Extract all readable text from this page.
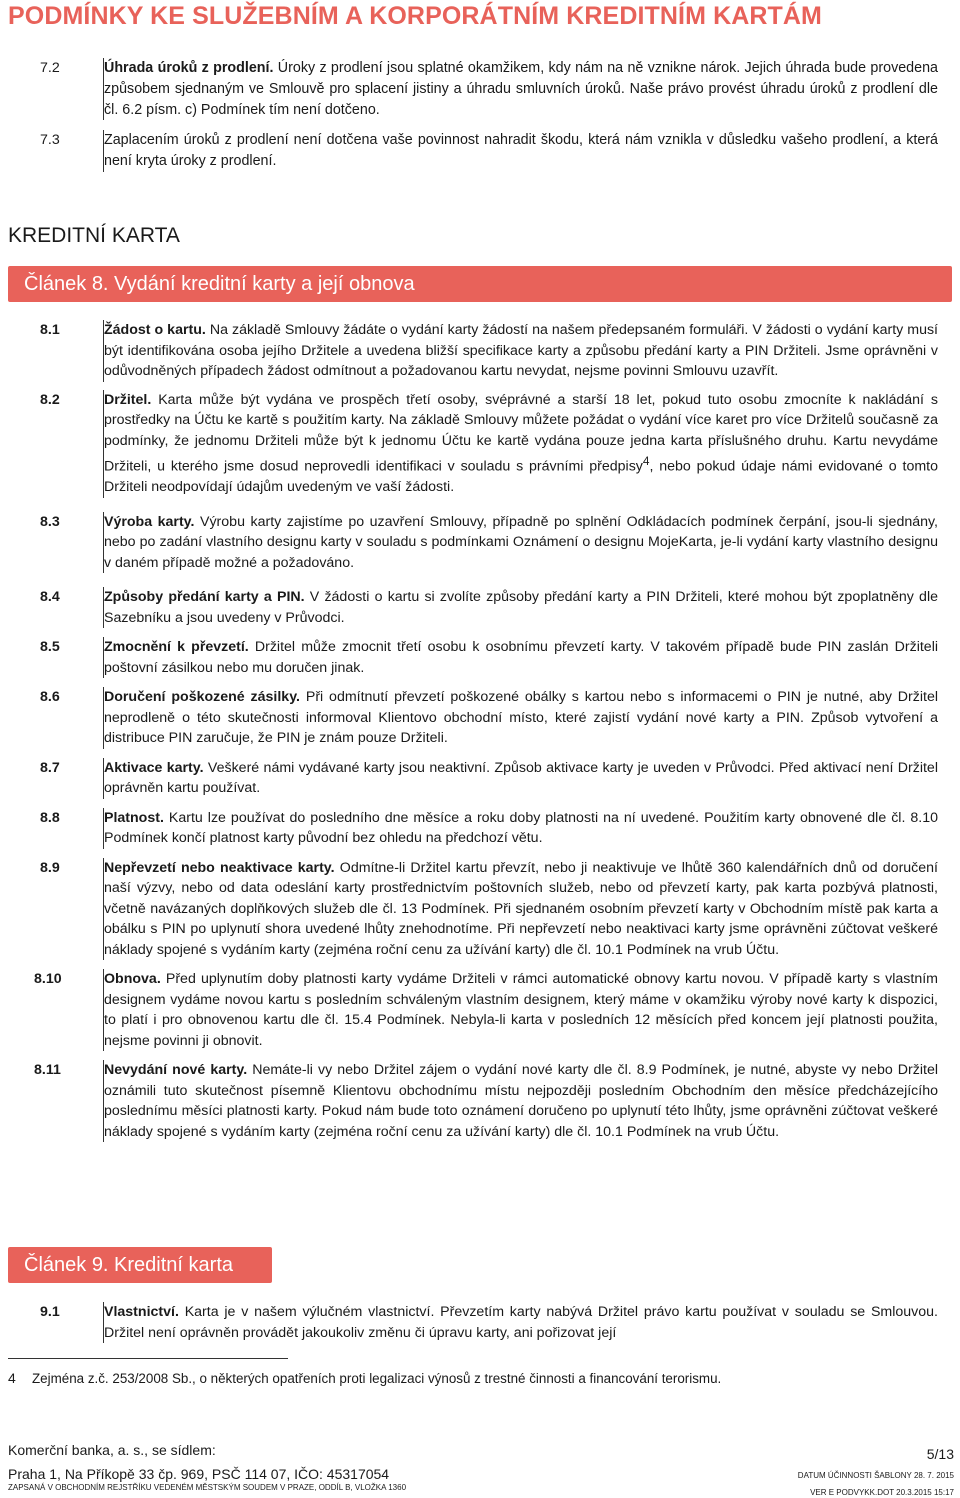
PODMÍNKY KE SLUŽEBNÍM A KORPORÁTNÍM KREDITNÍM KARTÁM
7.2	Úhrada úroků z prodlení. Úroky z prodlení jsou splatné okamžikem, kdy nám na ně vznikne nárok. Jejich úhrada bude provedena způsobem sjednaným ve Smlouvě pro splacení jistiny a úhradu smluvních úroků. Naše právo provést úhradu úroků z prodlení dle čl. 6.2 písm. c) Podmínek tím není dotčeno.
7.3	Zaplacením úroků z prodlení není dotčena vaše povinnost nahradit škodu, která nám vznikla v důsledku vašeho prodlení, a která není kryta úroky z prodlení.
KREDITNÍ KARTA
Článek 8. Vydání kreditní karty a její obnova
8.1	Žádost o kartu. Na základě Smlouvy žádáte o vydání karty žádostí na našem předepsaném formuláři. V žádosti o vydání karty musí být identifikována osoba jejího Držitele a uvedena bližší specifikace karty a způsobu předání karty a PIN Držiteli. Jsme oprávněni v odůvodněných případech žádost odmítnout a požadovanou kartu nevydat, nejsme povinni Smlouvu uzavřít.
8.2	Držitel. Karta může být vydána ve prospěch třetí osoby, svéprávné a starší 18 let, pokud tuto osobu zmocníte k nakládání s prostředky na Účtu ke kartě s použitím karty. Na základě Smlouvy můžete požádat o vydání více karet pro více Držitelů současně za podmínky, že jednomu Držiteli může být k jednomu Účtu ke kartě vydána pouze jedna karta příslušného druhu. Kartu nevydáme Držiteli, u kterého jsme dosud neprovedli identifikaci v souladu s právními předpisy$^4$, nebo pokud údaje námi evidované o tomto Držiteli neodpovídají údajům uvedeným ve vaší žádosti.
8.3	Výroba karty. Výrobu karty zajistíme po uzavření Smlouvy, případně po splnění Odkládacích podmínek čerpání, jsou-li sjednány, nebo po zadání vlastního designu karty v souladu s podmínkami Oznámení o designu MojeKarta, je-li vydání karty vlastního designu v daném případě možné a požadováno.
8.4	Způsoby předání karty a PIN. V žádosti o kartu si zvolíte způsoby předání karty a PIN Držiteli, které mohou být zpoplatněny dle Sazebníku a jsou uvedeny v Průvodci.
8.5	Zmocnění k převzetí. Držitel může zmocnit třetí osobu k osobnímu převzetí karty. V takovém případě bude PIN zaslán Držiteli poštovní zásilkou nebo mu doručen jinak.
8.6	Doručení poškozené zásilky. Při odmítnutí převzetí poškozené obálky s kartou nebo s informacemi o PIN je nutné, aby Držitel neprodleně o této skutečnosti informoval Klientovo obchodní místo, které zajistí vydání nové karty a PIN. Způsob vytvoření a distribuce PIN zaručuje, že PIN je znám pouze Držiteli.
8.7	Aktivace karty. Veškeré námi vydávané karty jsou neaktivní. Způsob aktivace karty je uveden v Průvodci. Před aktivací není Držitel oprávněn kartu používat.
8.8	Platnost. Kartu lze používat do posledního dne měsíce a roku doby platnosti na ní uvedené. Použitím karty obnovené dle čl. 8.10 Podmínek končí platnost karty původní bez ohledu na předchozí větu.
8.9	Nepřevzetí nebo neaktivace karty. Odmítne-li Držitel kartu převzít, nebo ji neaktivuje ve lhůtě 360 kalendářních dnů od doručení naší výzvy, nebo od data odeslání karty prostřednictvím poštovních služeb, nebo od převzetí karty, pak karta pozbývá platnosti, včetně navázaných doplňkových služeb dle čl. 13 Podmínek. Při sjednaném osobním převzetí karty v Obchodním místě pak karta a obálku s PIN po uplynutí shora uvedené lhůty znehodnotíme. Při nepřevzetí nebo neaktivaci karty jsme oprávněni zúčtovat veškeré náklady spojené s vydáním karty (zejména roční cenu za užívání karty) dle čl. 10.1 Podmínek na vrub Účtu.
8.10	Obnova. Před uplynutím doby platnosti karty vydáme Držiteli v rámci automatické obnovy kartu novou. V případě karty s vlastním designem vydáme novou kartu s posledním schváleným vlastním designem, který máme v okamžiku výroby nové karty k dispozici, to platí i pro obnovenou kartu dle čl. 15.4 Podmínek. Nebyla-li karta v posledních 12 měsících před koncem její platnosti použita, nejsme povinni ji obnovit.
8.11	Nevydání nové karty. Nemáte-li vy nebo Držitel zájem o vydání nové karty dle čl. 8.9 Podmínek, je nutné, abyste vy nebo Držitel oznámili tuto skutečnost písemně Klientovu obchodnímu místu nejpozději posledním Obchodním den měsíce předcházejícího poslednímu měsíci platnosti karty. Pokud nám bude toto oznámení doručeno po uplynutí této lhůty, jsme oprávněni zúčtovat veškeré náklady spojené s vydáním karty (zejména roční cenu za užívání karty) dle čl. 10.1 Podmínek na vrub Účtu.
Článek 9. Kreditní karta
9.1	Vlastnictví. Karta je v našem výlučném vlastnictví. Převzetím karty nabývá Držitel právo kartu používat v souladu se Smlouvou. Držitel není oprávněn provádět jakoukoliv změnu či úpravu karty, ani pořizovat její
4 Zejména z.č. 253/2008 Sb., o některých opatřeních proti legalizaci výnosů z trestné činnosti a financování terorismu.
Komerční banka, a. s., se sídlem:
Praha 1, Na Příkopě 33 čp. 969, PSČ 114 07, IČO: 45317054
ZAPSANÁ V OBCHODNÍM REJSTŘÍKU VEDENÉM MĚSTSKÝM SOUDEM V PRAZE, ODDÍL B, VLOŽKA 1360
5/13
DATUM ÚČINNOSTI ŠABLONY 28. 7. 2015
VER E PODVYKK.DOT 20.3.2015 15:17
